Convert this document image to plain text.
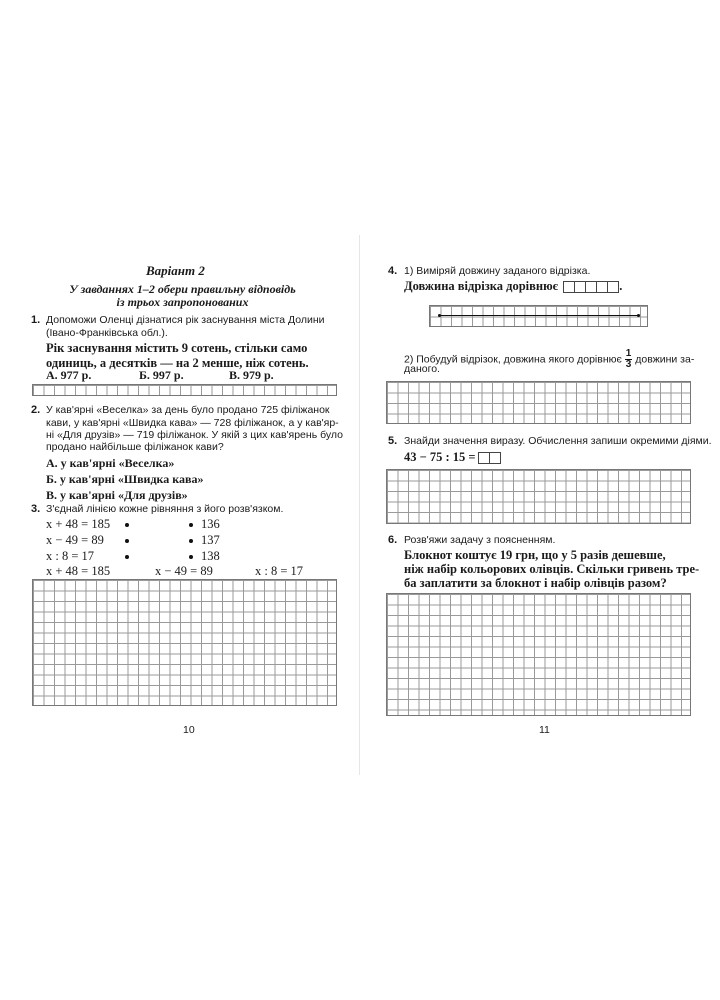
Варіант 2
У завданнях 1–2 обери правильну відповідь
із трьох запропонованих
1. Допоможи Оленці дізнатися рік заснування міста Долини
(Івано-Франківська обл.).
Рік заснування містить 9 сотень, стільки само
одиниць, а десятків — на 2 менше, ніж сотень.
А. 977 р.	Б. 997 р.	В. 979 р.
2. У кав'ярні «Веселка» за день було продано 725 філіжанок
кави, у кав'ярні «Швидка кава» — 728 філіжанок, а у кав'яр-
ні «Для друзів» — 719 філіжанок. У якій з цих кав'ярень було
продано найбільше філіжанок кави?
А. у кав'ярні «Веселка»
Б. у кав'ярні «Швидка кава»
В. у кав'ярні «Для друзів»
3. З'єднай лінією кожне рівняння з його розв'язком.
x + 48 = 185
x − 49 = 89
x : 8 = 17
136
137
138
x + 48 = 185	x − 49 = 89	x : 8 = 17
10
4. 1) Виміряй довжину заданого відрізка.
Довжина відрізка дорівнює	.
2) Побудуй відрізок, довжина якого дорівнює $\frac{1}{3}$ довжини за-
даного.
5. Знайди значення виразу. Обчислення запиши окремими діями.
43 − 75 : 15 =
6. Розв'яжи задачу з поясненням.
Блокнот коштує 19 грн, що у 5 разів дешевше,
ніж набір кольорових олівців. Скільки гривень тре-
ба заплатити за блокнот і набір олівців разом?
11
